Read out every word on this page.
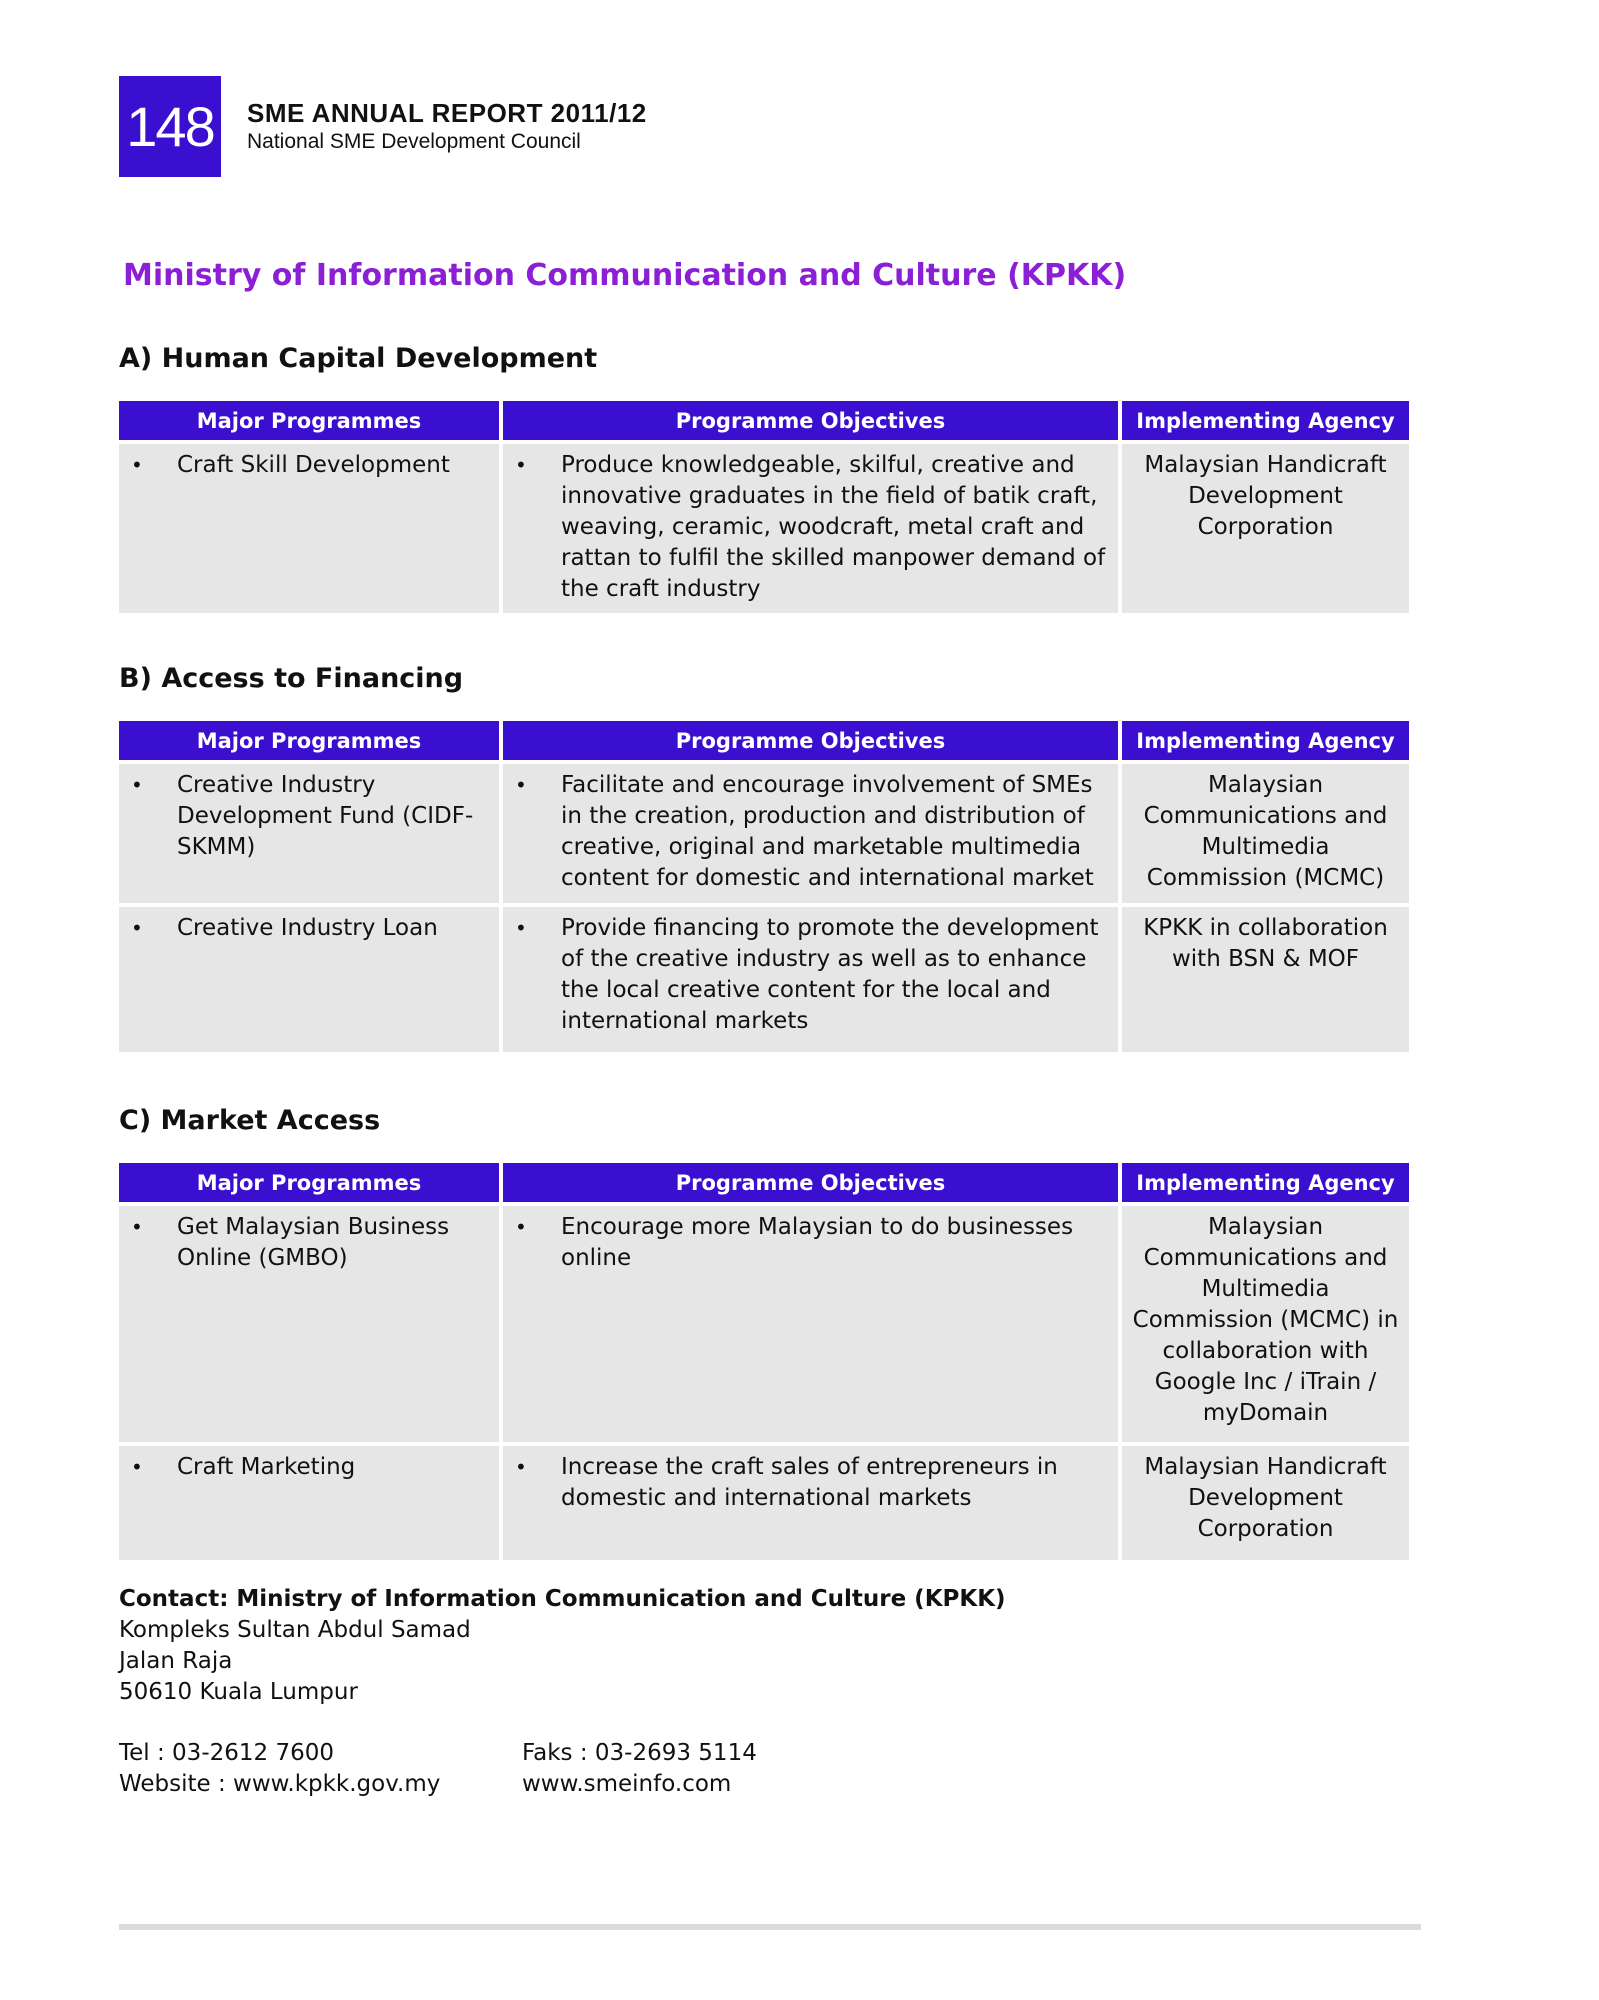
148 SME ANNUAL REPORT 2011/12
National SME Development Council
Ministry of Information Communication and Culture (KPKK)
A) Human Capital Development
Major Programmes	Programme Objectives	Implementing Agency

• Craft Skill Development	• Produce knowledgeable, skilful, creative and innovative graduates in the field of batik craft, weaving, ceramic, woodcraft, metal craft and rattan to fulfil the skilled manpower demand of the craft industry	Malaysian Handicraft Development Corporation
B) Access to Financing
Major Programmes	Programme Objectives	Implementing Agency

• Creative Industry Development Fund (CIDF-SKMM)	• Facilitate and encourage involvement of SMEs in the creation, production and distribution of creative, original and marketable multimedia content for domestic and international market	Malaysian Communications and Multimedia Commission (MCMC)

• Creative Industry Loan	• Provide financing to promote the development of the creative industry as well as to enhance the local creative content for the local and international markets	KPKK in collaboration with BSN & MOF
C) Market Access
Major Programmes	Programme Objectives	Implementing Agency

• Get Malaysian Business Online (GMBO)	• Encourage more Malaysian to do businesses online	Malaysian Communications and Multimedia Commission (MCMC) in collaboration with Google Inc / iTrain / myDomain

• Craft Marketing	• Increase the craft sales of entrepreneurs in domestic and international markets	Malaysian Handicraft Development Corporation
Contact: Ministry of Information Communication and Culture (KPKK)
Kompleks Sultan Abdul Samad
Jalan Raja
50610 Kuala Lumpur
Tel : 03-2612 7600	Faks : 03-2693 5114
Website : www.kpkk.gov.my	www.smeinfo.com
